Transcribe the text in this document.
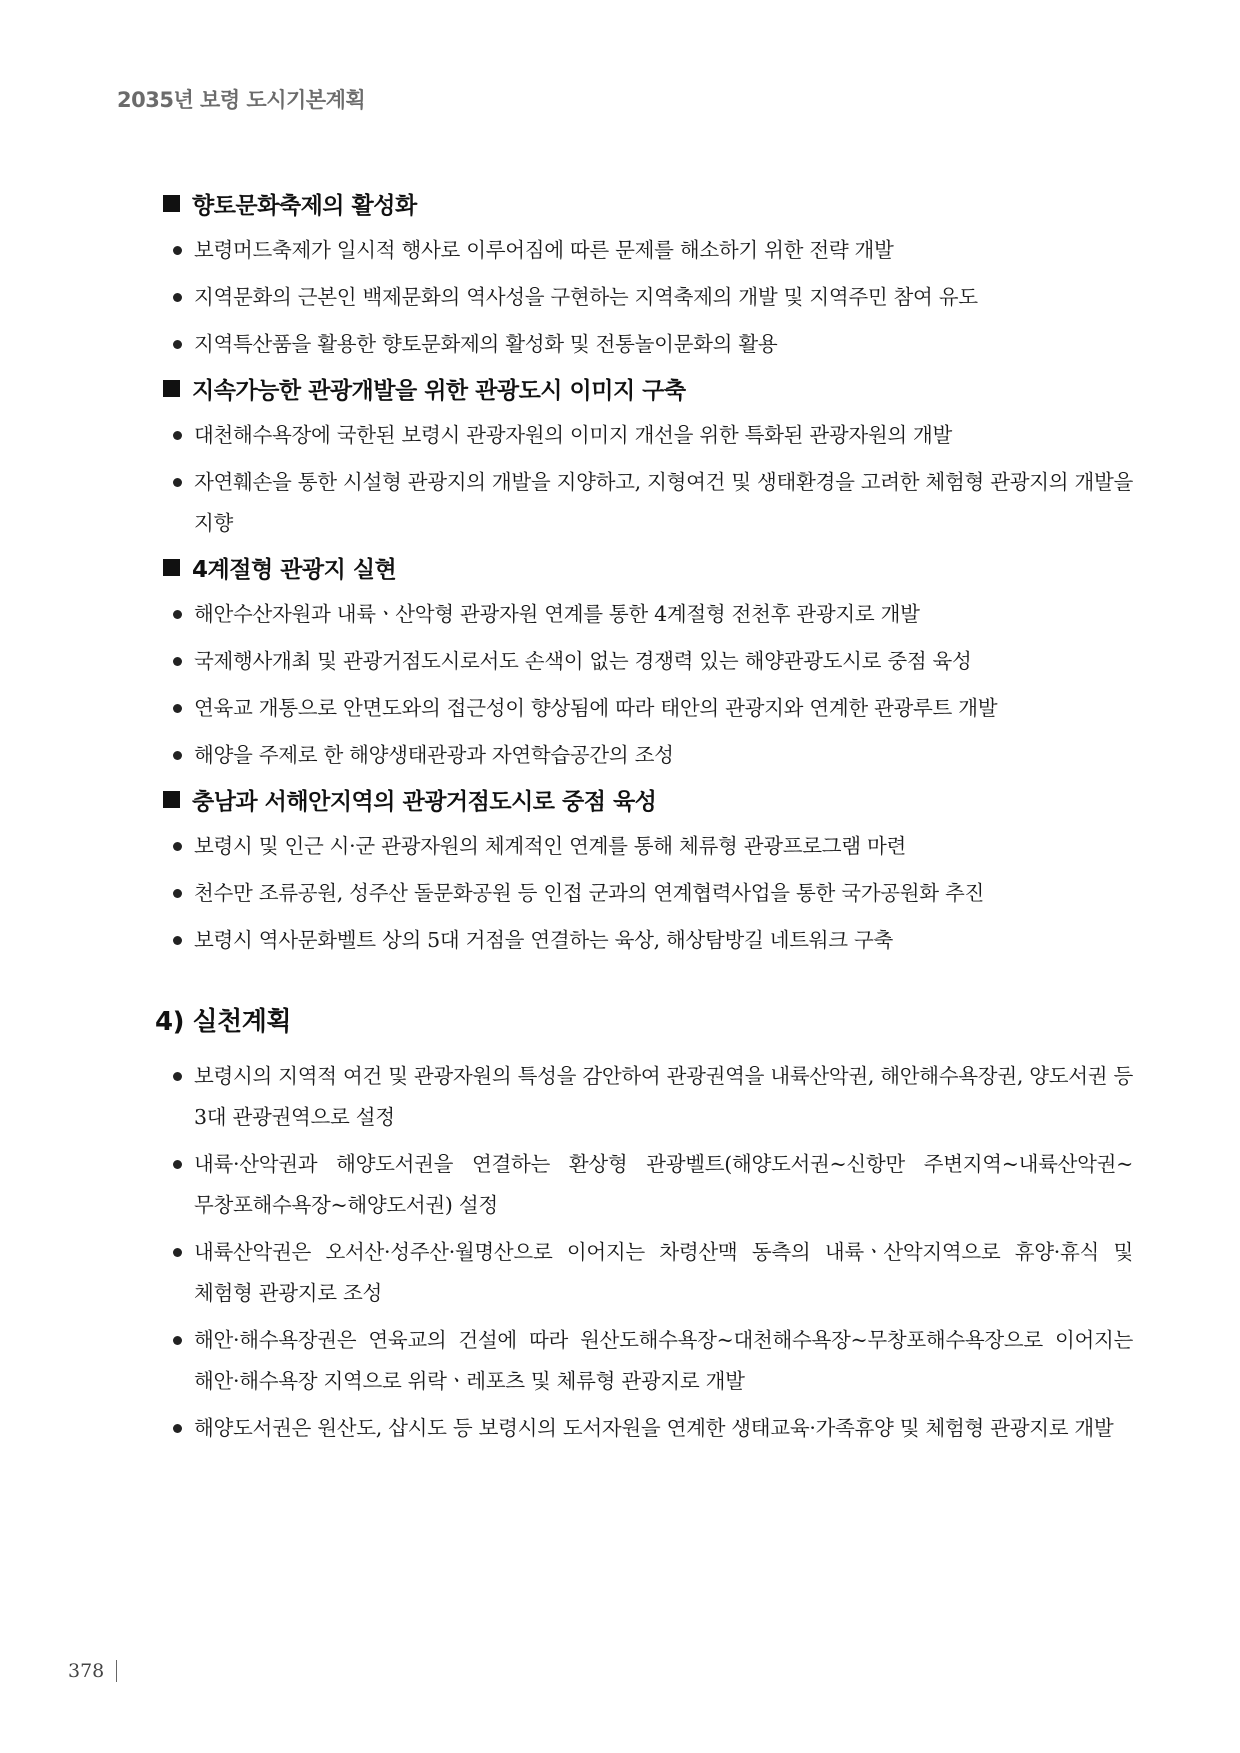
2035년 보령 도시기본계획
향토문화축제의 활성화
보령머드축제가 일시적 행사로 이루어짐에 따른 문제를 해소하기 위한 전략 개발
지역문화의 근본인 백제문화의 역사성을 구현하는 지역축제의 개발 및 지역주민 참여 유도
지역특산품을 활용한 향토문화제의 활성화 및 전통놀이문화의 활용
지속가능한 관광개발을 위한 관광도시 이미지 구축
대천해수욕장에 국한된 보령시 관광자원의 이미지 개선을 위한 특화된 관광자원의 개발
자연훼손을 통한 시설형 관광지의 개발을 지양하고, 지형여건 및 생태환경을 고려한 체험형 관광지의 개발을 지향
4계절형 관광지 실현
해안수산자원과 내륙ㆍ산악형 관광자원 연계를 통한 4계절형 전천후 관광지로 개발
국제행사개최 및 관광거점도시로서도 손색이 없는 경쟁력 있는 해양관광도시로 중점 육성
연육교 개통으로 안면도와의 접근성이 향상됨에 따라 태안의 관광지와 연계한 관광루트 개발
해양을 주제로 한 해양생태관광과 자연학습공간의 조성
충남과 서해안지역의 관광거점도시로 중점 육성
보령시 및 인근 시·군 관광자원의 체계적인 연계를 통해 체류형 관광프로그램 마련
천수만 조류공원, 성주산 돌문화공원 등 인접 군과의 연계협력사업을 통한 국가공원화 추진
보령시 역사문화벨트 상의 5대 거점을 연결하는 육상, 해상탐방길 네트워크 구축
4) 실천계획
보령시의 지역적 여건 및 관광자원의 특성을 감안하여 관광권역을 내륙산악권, 해안해수욕장권, 양도서권 등 3대 관광권역으로 설정
내륙·산악권과 해양도서권을 연결하는 환상형 관광벨트(해양도서권~신항만 주변지역~내륙산악권~무창포해수욕장~해양도서권) 설정
내륙산악권은 오서산·성주산·월명산으로 이어지는 차령산맥 동측의 내륙ㆍ산악지역으로 휴양·휴식 및 체험형 관광지로 조성
해안·해수욕장권은 연육교의 건설에 따라 원산도해수욕장~대천해수욕장~무창포해수욕장으로 이어지는 해안·해수욕장 지역으로 위락ㆍ레포츠 및 체류형 관광지로 개발
해양도서권은 원산도, 삽시도 등 보령시의 도서자원을 연계한 생태교육·가족휴양 및 체험형 관광지로 개발
378
